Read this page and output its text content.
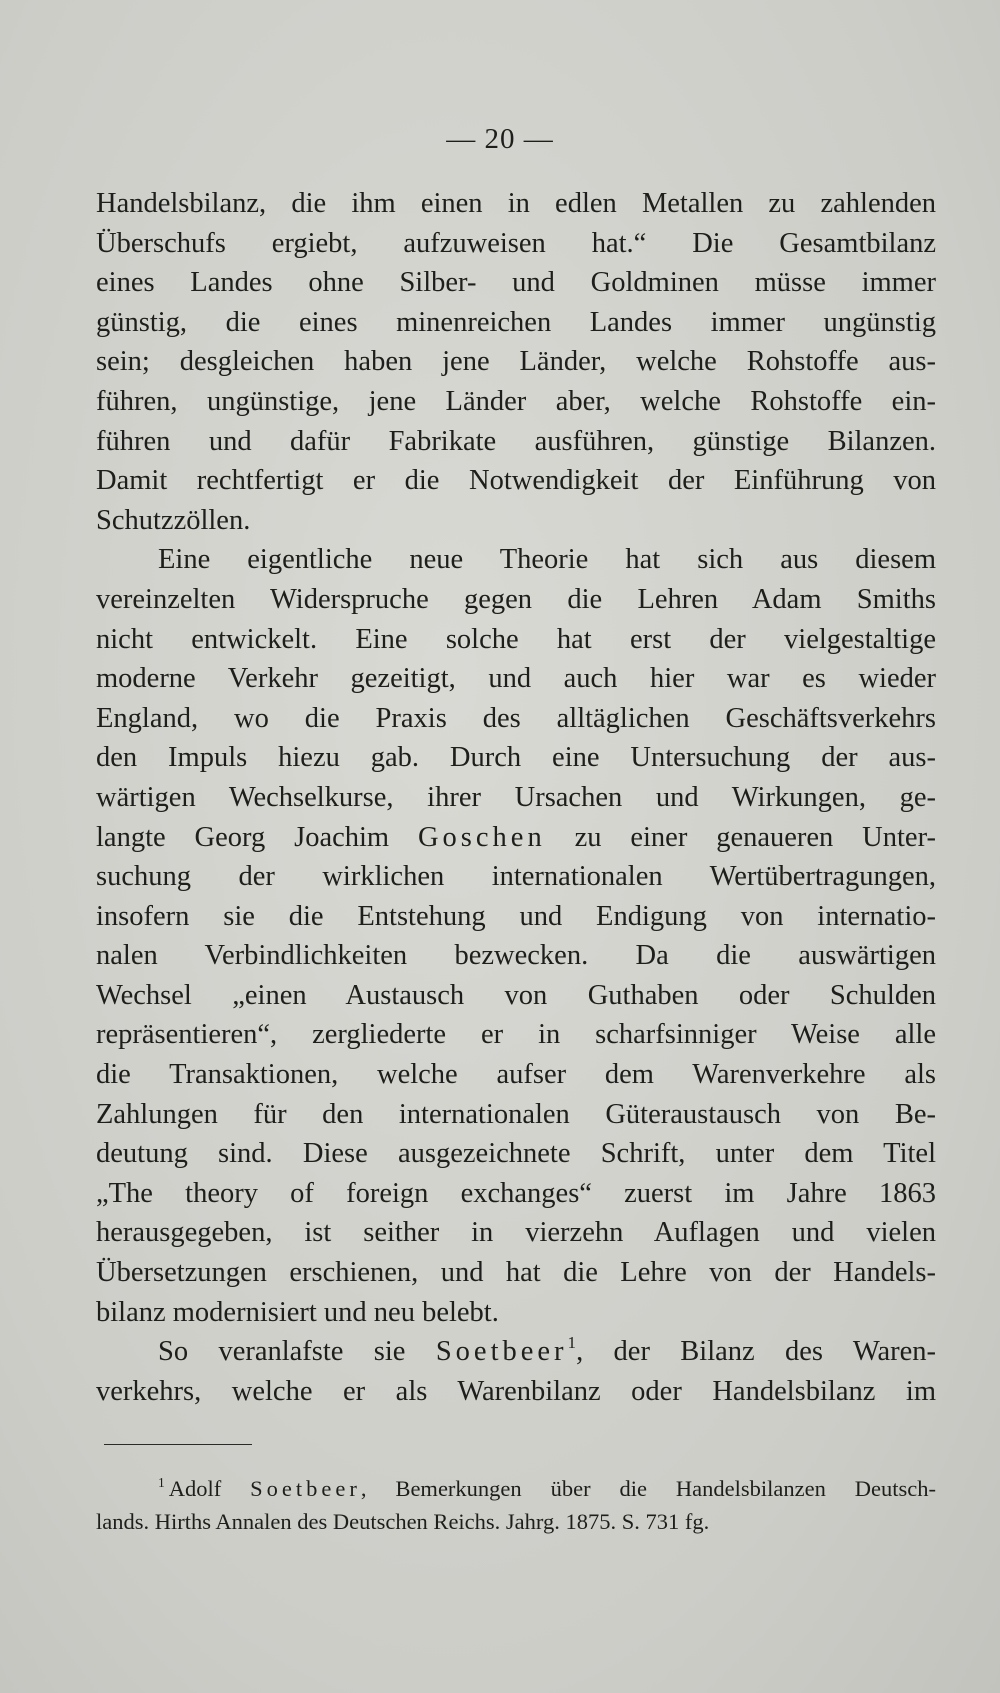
— 20 —
Handelsbilanz, die ihm einen in edlen Metallen zu zahlenden
Überschufs ergiebt, aufzuweisen hat.“ Die Gesamtbilanz
eines Landes ohne Silber- und Goldminen müsse immer
günstig, die eines minenreichen Landes immer ungünstig
sein; desgleichen haben jene Länder, welche Rohstoffe aus-
führen, ungünstige, jene Länder aber, welche Rohstoffe ein-
führen und dafür Fabrikate ausführen, günstige Bilanzen.
Damit rechtfertigt er die Notwendigkeit der Einführung von
Schutzzöllen.
Eine eigentliche neue Theorie hat sich aus diesem
vereinzelten Widerspruche gegen die Lehren Adam Smiths
nicht entwickelt. Eine solche hat erst der vielgestaltige
moderne Verkehr gezeitigt, und auch hier war es wieder
England, wo die Praxis des alltäglichen Geschäftsverkehrs
den Impuls hiezu gab. Durch eine Untersuchung der aus-
wärtigen Wechselkurse, ihrer Ursachen und Wirkungen, ge-
langte Georg Joachim Goschen zu einer genaueren Unter-
suchung der wirklichen internationalen Wertübertragungen,
insofern sie die Entstehung und Endigung von internatio-
nalen Verbindlichkeiten bezwecken. Da die auswärtigen
Wechsel „einen Austausch von Guthaben oder Schulden
repräsentieren“, zergliederte er in scharfsinniger Weise alle
die Transaktionen, welche aufser dem Warenverkehre als
Zahlungen für den internationalen Güteraustausch von Be-
deutung sind. Diese ausgezeichnete Schrift, unter dem Titel
„The theory of foreign exchanges“ zuerst im Jahre 1863
herausgegeben, ist seither in vierzehn Auflagen und vielen
Übersetzungen erschienen, und hat die Lehre von der Handels-
bilanz modernisiert und neu belebt.
So veranlafste sie Soetbeer$^1$, der Bilanz des Waren-
verkehrs, welche er als Warenbilanz oder Handelsbilanz im
$^1$ Adolf Soetbeer, Bemerkungen über die Handelsbilanzen Deutsch-
lands. Hirths Annalen des Deutschen Reichs. Jahrg. 1875. S. 731 fg.
